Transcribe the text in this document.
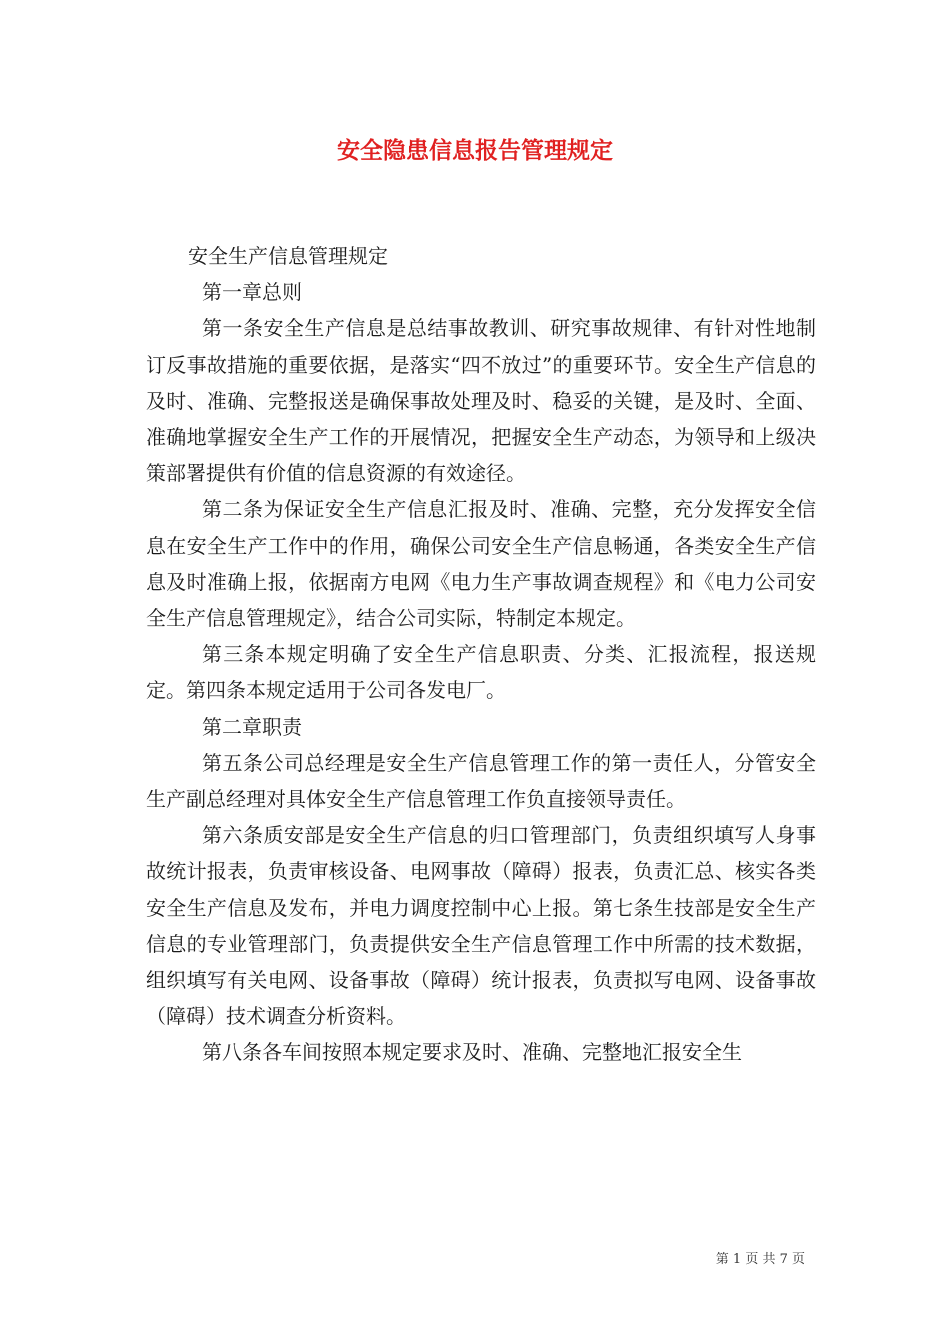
安全隐患信息报告管理规定

安全生产信息管理规定

第一章总则

第一条安全生产信息是总结事故教训、研究事故规律、有针对性地制订反事故措施的重要依据，是落实“四不放过”的重要环节。安全生产信息的及时、准确、完整报送是确保事故处理及时、稳妥的关键，是及时、全面、准确地掌握安全生产工作的开展情况，把握安全生产动态，为领导和上级决策部署提供有价值的信息资源的有效途径。

第二条为保证安全生产信息汇报及时、准确、完整，充分发挥安全信息在安全生产工作中的作用，确保公司安全生产信息畅通，各类安全生产信息及时准确上报，依据南方电网《电力生产事故调查规程》和《电力公司安全生产信息管理规定》，结合公司实际，特制定本规定。

第三条本规定明确了安全生产信息职责、分类、汇报流程，报送规定。第四条本规定适用于公司各发电厂。

第二章职责

第五条公司总经理是安全生产信息管理工作的第一责任人，分管安全生产副总经理对具体安全生产信息管理工作负直接领导责任。

第六条质安部是安全生产信息的归口管理部门，负责组织填写人身事故统计报表，负责审核设备、电网事故（障碍）报表，负责汇总、核实各类安全生产信息及发布，并电力调度控制中心上报。第七条生技部是安全生产信息的专业管理部门，负责提供安全生产信息管理工作中所需的技术数据，组织填写有关电网、设备事故（障碍）统计报表，负责拟写电网、设备事故（障碍）技术调查分析资料。

第八条各车间按照本规定要求及时、准确、完整地汇报安全生

第 1 页 共 7 页
